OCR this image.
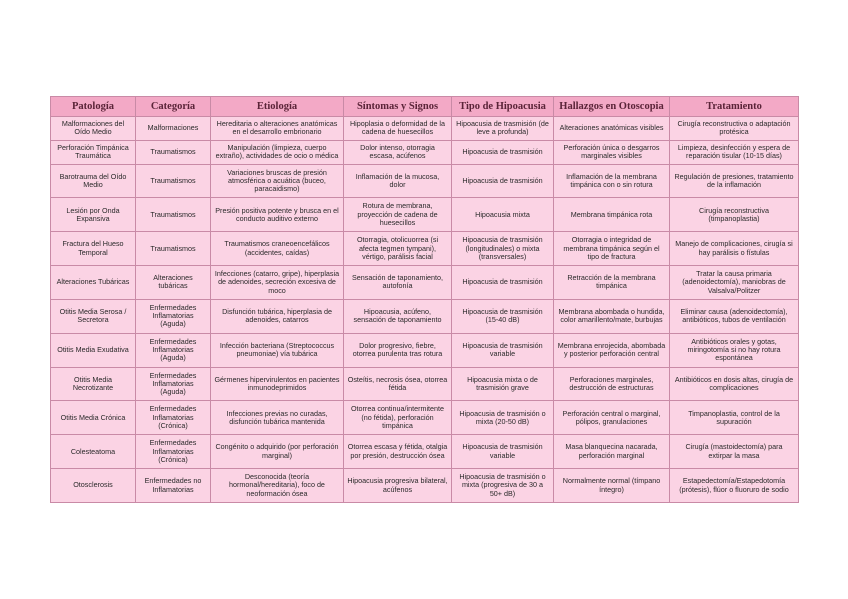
Patología	Categoría	Etiología	Síntomas y Signos	Tipo de Hipoacusia	Hallazgos en Otoscopia	Tratamiento
Malformaciones del Oído Medio	Malformaciones	Hereditaria o alteraciones anatómicas en el desarrollo embrionario	Hipoplasia o deformidad de la cadena de huesecillos	Hipoacusia de trasmisión (de leve a profunda)	Alteraciones anatómicas visibles	Cirugía reconstructiva o adaptación protésica
Perforación Timpánica Traumática	Traumatismos	Manipulación (limpieza, cuerpo extraño), actividades de ocio o médica	Dolor intenso, otorragia escasa, acúfenos	Hipoacusia de trasmisión	Perforación única o desgarros marginales visibles	Limpieza, desinfección y espera de reparación tisular (10-15 días)
Barotrauma del Oído Medio	Traumatismos	Variaciones bruscas de presión atmosférica o acuática (buceo, paracaidismo)	Inflamación de la mucosa, dolor	Hipoacusia de trasmisión	Inflamación de la membrana timpánica con o sin rotura	Regulación de presiones, tratamiento de la inflamación
Lesión por Onda Expansiva	Traumatismos	Presión positiva potente y brusca en el conducto auditivo externo	Rotura de membrana, proyección de cadena de huesecillos	Hipoacusia mixta	Membrana timpánica rota	Cirugía reconstructiva (timpanoplastia)
Fractura del Hueso Temporal	Traumatismos	Traumatismos craneoencefálicos (accidentes, caídas)	Otorragia, otolicuorrea (si afecta tegmen tympani), vértigo, parálisis facial	Hipoacusia de trasmisión (longitudinales) o mixta (transversales)	Otorragia o integridad de membrana timpánica según el tipo de fractura	Manejo de complicaciones, cirugía si hay parálisis o fístulas
Alteraciones Tubáricas	Alteraciones tubáricas	Infecciones (catarro, gripe), hiperplasia de adenoides, secreción excesiva de moco	Sensación de taponamiento, autofonía	Hipoacusia de trasmisión	Retracción de la membrana timpánica	Tratar la causa primaria (adenoidectomía), maniobras de Valsalva/Politzer
Otitis Media Serosa / Secretora	Enfermedades Inflamatorias (Aguda)	Disfunción tubárica, hiperplasia de adenoides, catarros	Hipoacusia, acúfeno, sensación de taponamiento	Hipoacusia de trasmisión (15-40 dB)	Membrana abombada o hundida, color amarillento/mate, burbujas	Eliminar causa (adenoidectomía), antibióticos, tubos de ventilación
Otitis Media Exudativa	Enfermedades Inflamatorias (Aguda)	Infección bacteriana (Streptococcus pneumoniae) vía tubárica	Dolor progresivo, fiebre, otorrea purulenta tras rotura	Hipoacusia de trasmisión variable	Membrana enrojecida, abombada y posterior perforación central	Antibióticos orales y gotas, miringotomía si no hay rotura espontánea
Otitis Media Necrotizante	Enfermedades Inflamatorias (Aguda)	Gérmenes hipervirulentos en pacientes inmunodeprimidos	Osteítis, necrosis ósea, otorrea fétida	Hipoacusia mixta o de trasmisión grave	Perforaciones marginales, destrucción de estructuras	Antibióticos en dosis altas, cirugía de complicaciones
Otitis Media Crónica	Enfermedades Inflamatorias (Crónica)	Infecciones previas no curadas, disfunción tubárica mantenida	Otorrea continua/intermitente (no fétida), perforación timpánica	Hipoacusia de trasmisión o mixta (20-50 dB)	Perforación central o marginal, pólipos, granulaciones	Timpanoplastia, control de la supuración
Colesteatoma	Enfermedades Inflamatorias (Crónica)	Congénito o adquirido (por perforación marginal)	Otorrea escasa y fétida, otalgia por presión, destrucción ósea	Hipoacusia de trasmisión variable	Masa blanquecina nacarada, perforación marginal	Cirugía (mastoidectomía) para extirpar la masa
Otosclerosis	Enfermedades no Inflamatorias	Desconocida (teoría hormonal/hereditaria), foco de neoformación ósea	Hipoacusia progresiva bilateral, acúfenos	Hipoacusia de trasmisión o mixta (progresiva de 30 a 50+ dB)	Normalmente normal (tímpano íntegro)	Estapedectomía/Estapedotomía (prótesis), flúor o fluoruro de sodio
